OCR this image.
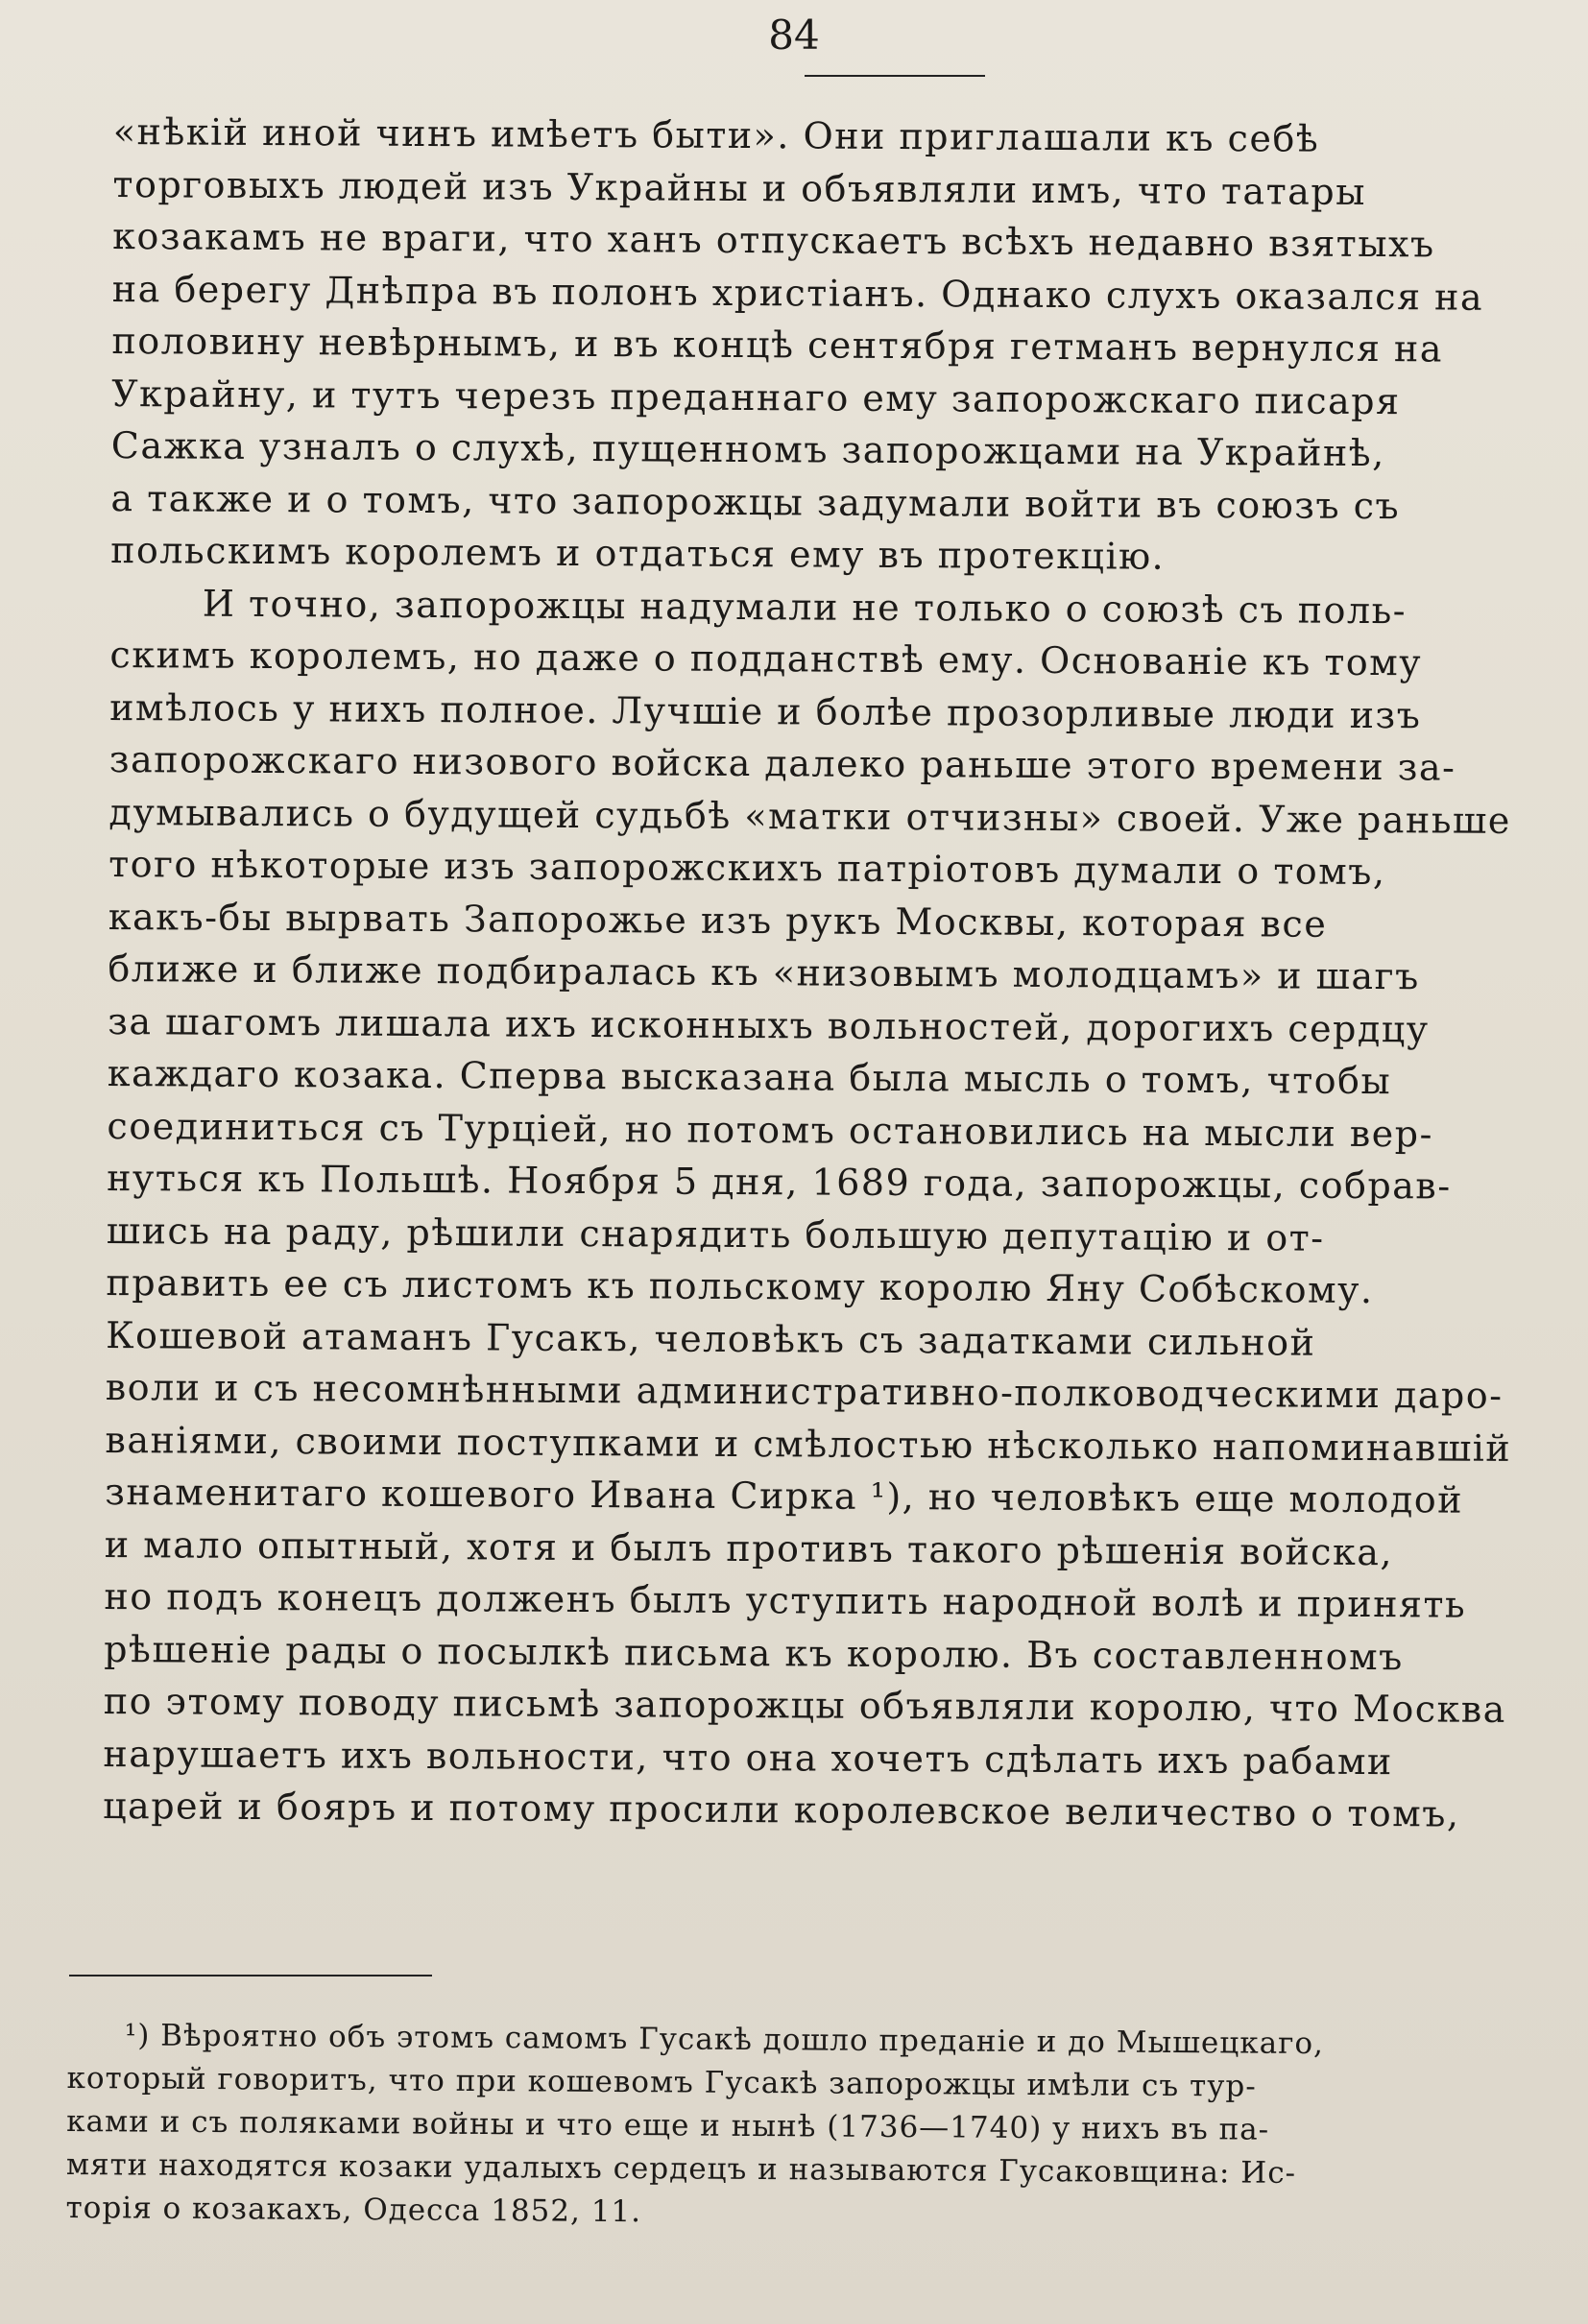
84
«нѣкій иной чинъ имѣетъ быти». Они приглашали къ себѣ
торговыхъ людей изъ Украйны и объявляли имъ, что татары
козакамъ не враги, что ханъ отпускаетъ всѣхъ недавно взятыхъ
на берегу Днѣпра въ полонъ христіанъ. Однако слухъ оказался на
половину невѣрнымъ, и въ концѣ сентября гетманъ вернулся на
Украйну, и тутъ черезъ преданнаго ему запорожскаго писаря
Сажка узналъ о слухѣ, пущенномъ запорожцами на Украйнѣ,
а также и о томъ, что запорожцы задумали войти въ союзъ съ
польскимъ королемъ и отдаться ему въ протекцію.
И точно, запорожцы надумали не только о союзѣ съ поль-
скимъ королемъ, но даже о подданствѣ ему. Основаніе къ тому
имѣлось у нихъ полное. Лучшіе и болѣе прозорливые люди изъ
запорожскаго низового войска далеко раньше этого времени за-
думывались о будущей судьбѣ «матки отчизны» своей. Уже раньше
того нѣкоторые изъ запорожскихъ патріотовъ думали о томъ,
какъ-бы вырвать Запорожье изъ рукъ Москвы, которая все
ближе и ближе подбиралась къ «низовымъ молодцамъ» и шагъ
за шагомъ лишала ихъ исконныхъ вольностей, дорогихъ сердцу
каждаго козака. Сперва высказана была мысль о томъ, чтобы
соединиться съ Турціей, но потомъ остановились на мысли вер-
нуться къ Польшѣ. Ноября 5 дня, 1689 года, запорожцы, собрав-
шись на раду, рѣшили снарядить большую депутацію и от-
править ее съ листомъ къ польскому королю Яну Собѣскому.
Кошевой атаманъ Гусакъ, человѣкъ съ задатками сильной
воли и съ несомнѣнными административно-полководческими даро-
ваніями, своими поступками и смѣлостью нѣсколько напоминавшій
знаменитаго кошевого Ивана Сирка ¹), но человѣкъ еще молодой
и мало опытный, хотя и былъ противъ такого рѣшенія войска,
но подъ конецъ долженъ былъ уступить народной волѣ и принять
рѣшеніе рады о посылкѣ письма къ королю. Въ составленномъ
по этому поводу письмѣ запорожцы объявляли королю, что Москва
нарушаетъ ихъ вольности, что она хочетъ сдѣлать ихъ рабами
царей и бояръ и потому просили королевское величество о томъ,
¹) Вѣроятно объ этомъ самомъ Гусакѣ дошло преданіе и до Мышецкаго,
который говоритъ, что при кошевомъ Гусакѣ запорожцы имѣли съ тур-
ками и съ поляками войны и что еще и нынѣ (1736—1740) у нихъ въ па-
мяти находятся козаки удалыхъ сердецъ и называются Гусаковщина: Ис-
торія о козакахъ, Одесса 1852, 11.
